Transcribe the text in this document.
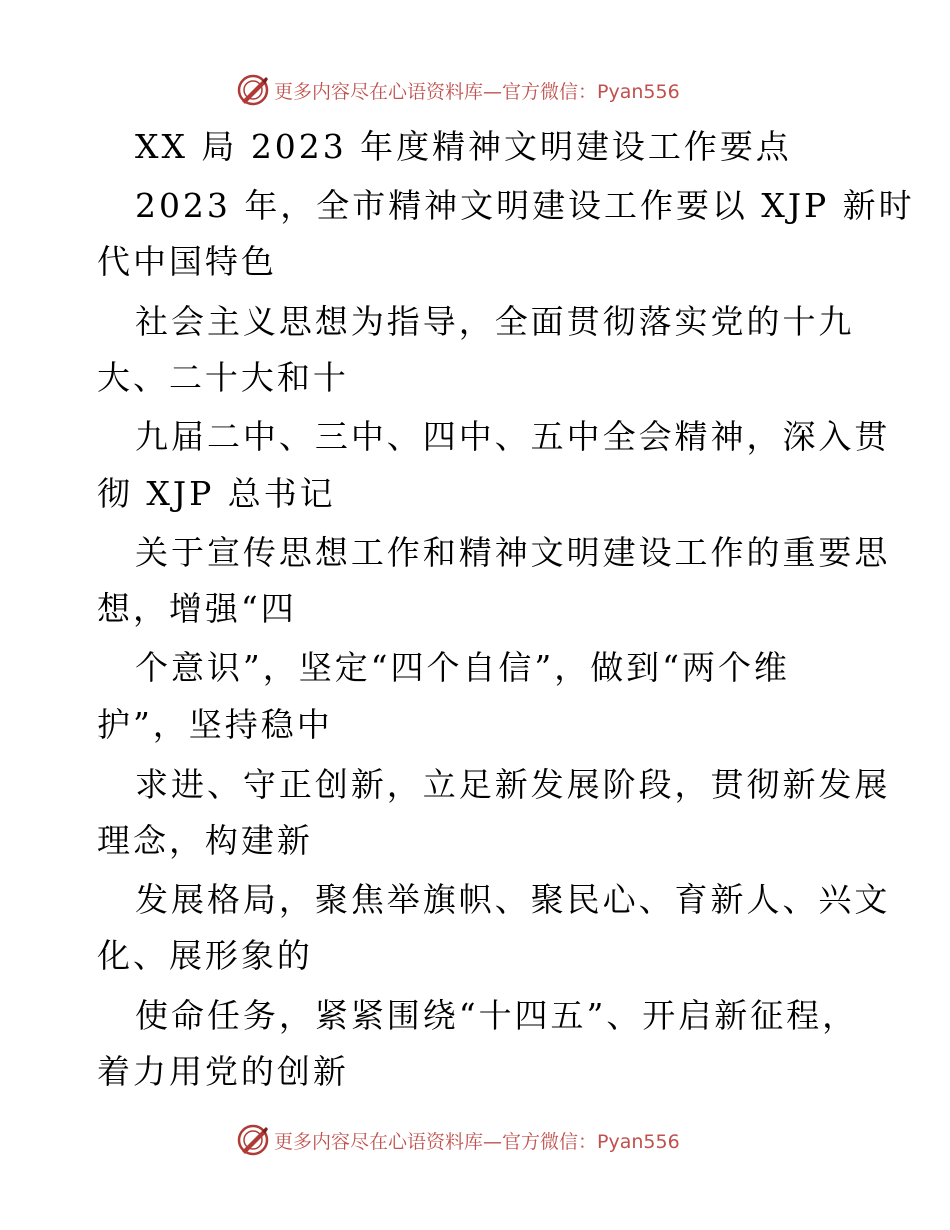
更多内容尽在心语资料库—官方微信：Pyan556
XX 局 2023 年度精神文明建设工作要点
2023 年，全市精神文明建设工作要以 XJP 新时
代中国特色
社会主义思想为指导，全面贯彻落实党的十九
大、二十大和十
九届二中、三中、四中、五中全会精神，深入贯
彻 XJP 总书记
关于宣传思想工作和精神文明建设工作的重要思
想，增强“四
个意识”，坚定“四个自信”，做到“两个维
护”，坚持稳中
求进、守正创新，立足新发展阶段，贯彻新发展
理念，构建新
发展格局，聚焦举旗帜、聚民心、育新人、兴文
化、展形象的
使命任务，紧紧围绕“十四五”、开启新征程，
着力用党的创新
更多内容尽在心语资料库—官方微信：Pyan556
